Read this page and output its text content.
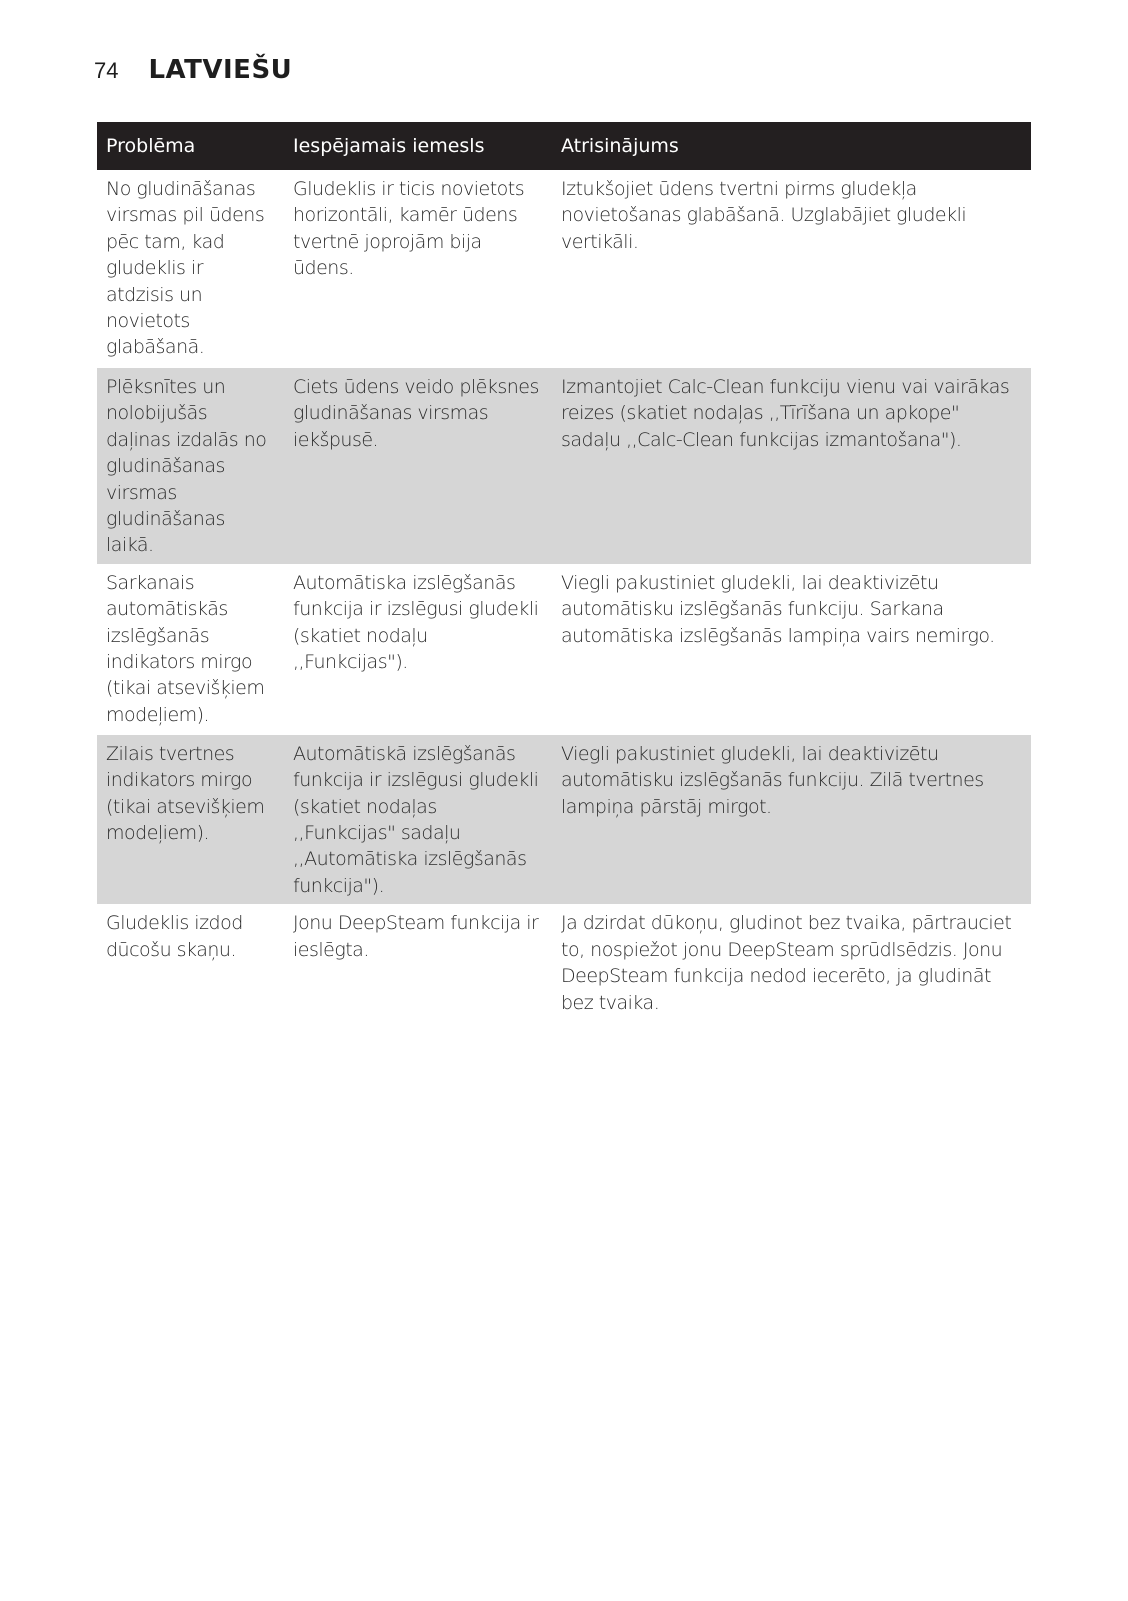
74 LATVIEŠU
Problēma	Iespējamais iemesls	Atrisinājums
No gludināšanas virsmas pil ūdens pēc tam, kad gludeklis ir atdzisis un novietots glabāšanā.	Gludeklis ir ticis novietots horizontāli, kamēr ūdens tvertnē joprojām bija ūdens.	Iztukšojiet ūdens tvertni pirms gludekļa novietošanas glabāšanā. Uzglabājiet gludekli vertikāli.
Plēksnītes un nolobijušās daļinas izdalās no gludināšanas virsmas gludināšanas laikā.	Ciets ūdens veido plēksnes gludināšanas virsmas iekšpusē.	Izmantojiet Calc-Clean funkciju vienu vai vairākas reizes (skatiet nodaļas ,,Tīrīšana un apkope" sadaļu ,,Calc-Clean funkcijas izmantošana").
Sarkanais automātiskās izslēgšanās indikators mirgo (tikai atsevišķiem modeļiem).	Automātiska izslēgšanās funkcija ir izslēgusi gludekli (skatiet nodaļu ,,Funkcijas").	Viegli pakustiniet gludekli, lai deaktivizētu automātisku izslēgšanās funkciju. Sarkana automātiska izslēgšanās lampiņa vairs nemirgo.
Zilais tvertnes indikators mirgo (tikai atsevišķiem modeļiem).	Automātiskā izslēgšanās funkcija ir izslēgusi gludekli (skatiet nodaļas ,,Funkcijas" sadaļu ,,Automātiska izslēgšanās funkcija").	Viegli pakustiniet gludekli, lai deaktivizētu automātisku izslēgšanās funkciju. Zilā tvertnes lampiņa pārstāj mirgot.
Gludeklis izdod dūcošu skaņu.	Jonu DeepSteam funkcija ir ieslēgta.	Ja dzirdat dūkoņu, gludinot bez tvaika, pārtrauciet to, nospiežot jonu DeepSteam sprūdlsēdzis. Jonu DeepSteam funkcija nedod iecerēto, ja gludināt bez tvaika.
